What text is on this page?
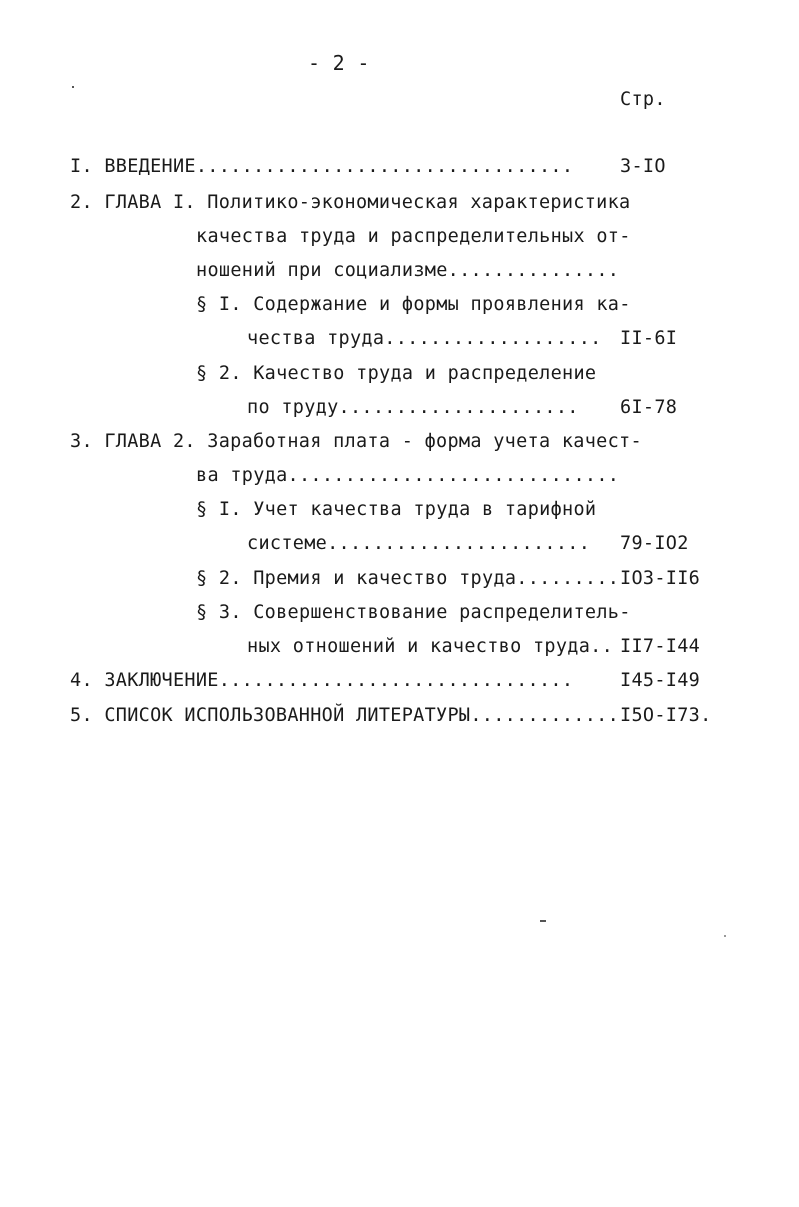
- 2 -
Стр.
I. ВВЕДЕНИЕ.................................	3-IO
2. ГЛАВА I. Политико-экономическая характеристика
качества труда и распределительных от-
ношений при социализме...............
§ I. Содержание и формы проявления ка-
чества труда................... II-6I
§ 2. Качество труда и распределение
по труду..................... 6I-78
3. ГЛАВА 2. Заработная плата - форма учета качест-
ва труда.............................
§ I. Учет качества труда в тарифной
системе....................... 79-IO2
§ 2. Премия и качество труда......... IO3-II6
§ 3. Совершенствование распределитель-
ных отношений и качество труда.. II7-I44
4. ЗАКЛЮЧЕНИЕ...............................	I45-I49
5. СПИСОК ИСПОЛЬЗОВАННОЙ ЛИТЕРАТУРЫ............. I5O-I73.
